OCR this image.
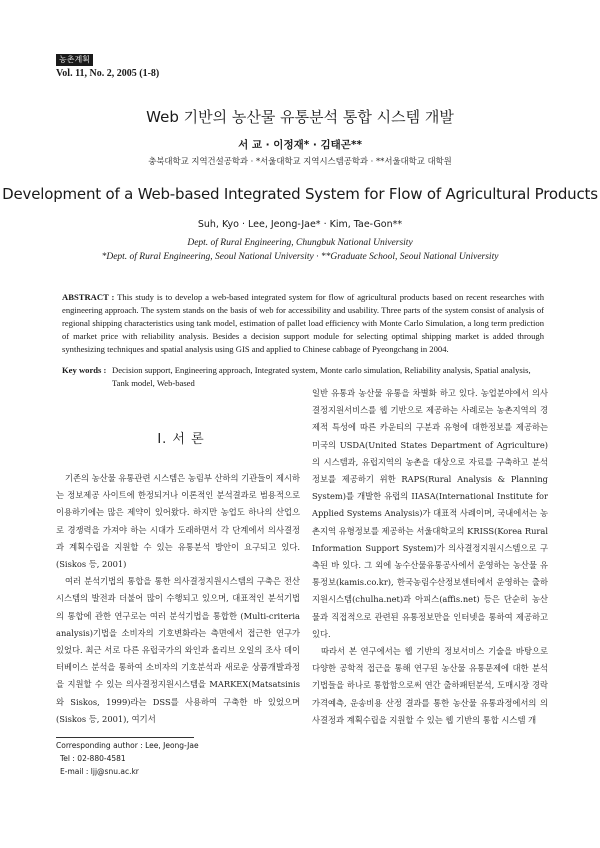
농촌계획
Vol. 11, No. 2, 2005 (1-8)
Web 기반의 농산물 유통분석 통합 시스템 개발
서 교 · 이정재* · 김태곤**
충북대학교 지역건설공학과 · *서울대학교 지역시스템공학과 · **서울대학교 대학원
Development of a Web-based Integrated System for Flow of Agricultural Products
Suh, Kyo · Lee, Jeong-Jae* · Kim, Tae-Gon**
Dept. of Rural Engineering, Chungbuk National University
*Dept. of Rural Engineering, Seoul National University · **Graduate School, Seoul National University
ABSTRACT : This study is to develop a web-based integrated system for flow of agricultural products based on recent researches with engineering approach. The system stands on the basis of web for accessibility and usability. Three parts of the system consist of analysis of regional shipping characteristics using tank model, estimation of pallet load efficiency with Monte Carlo Simulation, a long term prediction of market price with reliability analysis. Besides a decision support module for selecting optimal shipping market is added through synthesizing techniques and spatial analysis using GIS and applied to Chinese cabbage of Pyeongchang in 2004.
Key words : Decision support, Engineering approach, Integrated system, Monte carlo simulation, Reliability analysis, Spatial analysis, Tank model, Web-based
I. 서 론

기존의 농산물 유통관련 시스템은 농림부 산하의 기관들이 제시하는 정보제공 사이트에 한정되거나 이론적인 분석결과로 범용적으로 이용하기에는 많은 제약이 있어왔다. 하지만 농업도 하나의 산업으로 경쟁력을 가져야 하는 시대가 도래하면서 각 단계에서 의사결정과 계획수립을 지원할 수 있는 유통분석 방안이 요구되고 있다.(Siskos 등, 2001)

여러 분석기법의 통합을 통한 의사결정지원시스템의 구축은 전산시스템의 발전과 더불어 많이 수행되고 있으며, 대표적인 분석기법의 통합에 관한 연구로는 여러 분석기법을 통합한 (Multi-criteria analysis)기법을 소비자의 기호변화라는 측면에서 접근한 연구가 있었다. 최근 서로 다른 유럽국가의 와인과 올리브 오일의 조사 데이터베이스 분석을 통하여 소비자의 기호분석과 새로운 상품개발과정을 지원할 수 있는 의사결정지원시스템을 MARKEX(Matsatsinis와 Siskos, 1999)라는 DSS를 사용하여 구축한 바 있었으며(Siskos 등, 2001), 여기서

일반 유통과 농산물 유통을 차별화 하고 있다. 농업분야에서 의사결정지원서비스를 웹 기반으로 제공하는 사례로는 농촌지역의 경제적 특성에 따른 카운티의 구분과 유형에 대한정보를 제공하는 미국의 USDA(United States Department of Agriculture)의 시스템과, 유럽지역의 농촌을 대상으로 자료를 구축하고 분석정보를 제공하기 위한 RAPS(Rural Analysis & Planning System)를 개발한 유럽의 IIASA(International Institute for Applied Systems Analysis)가 대표적 사례이며, 국내에서는 농촌지역 유형정보를 제공하는 서울대학교의 KRISS(Korea Rural Information Support System)가 의사결정지원시스템으로 구축된 바 있다. 그 외에 농수산물유통공사에서 운영하는 농산물 유통정보(kamis.co.kr), 한국농림수산정보센터에서 운영하는 출하지원시스템(chulha.net)과 아피스(affis.net) 등은 단순히 농산물과 직접적으로 관련된 유통정보만을 인터넷을 통하여 제공하고 있다.

따라서 본 연구에서는 웹 기반의 정보서비스 기술을 바탕으로 다양한 공학적 접근을 통해 연구된 농산물 유통문제에 대한 분석기법들을 하나로 통합함으로써 연간 출하패턴분석, 도매시장 경락가격예측, 운송비용 산정 결과를 통한 농산물 유통과정에서의 의사결정과 계획수립을 지원할 수 있는 웹 기반의 통합 시스템 개

Corresponding author : Lee, Jeong-Jae
Tel : 02-880-4581
E-mail : ljj@snu.ac.kr
